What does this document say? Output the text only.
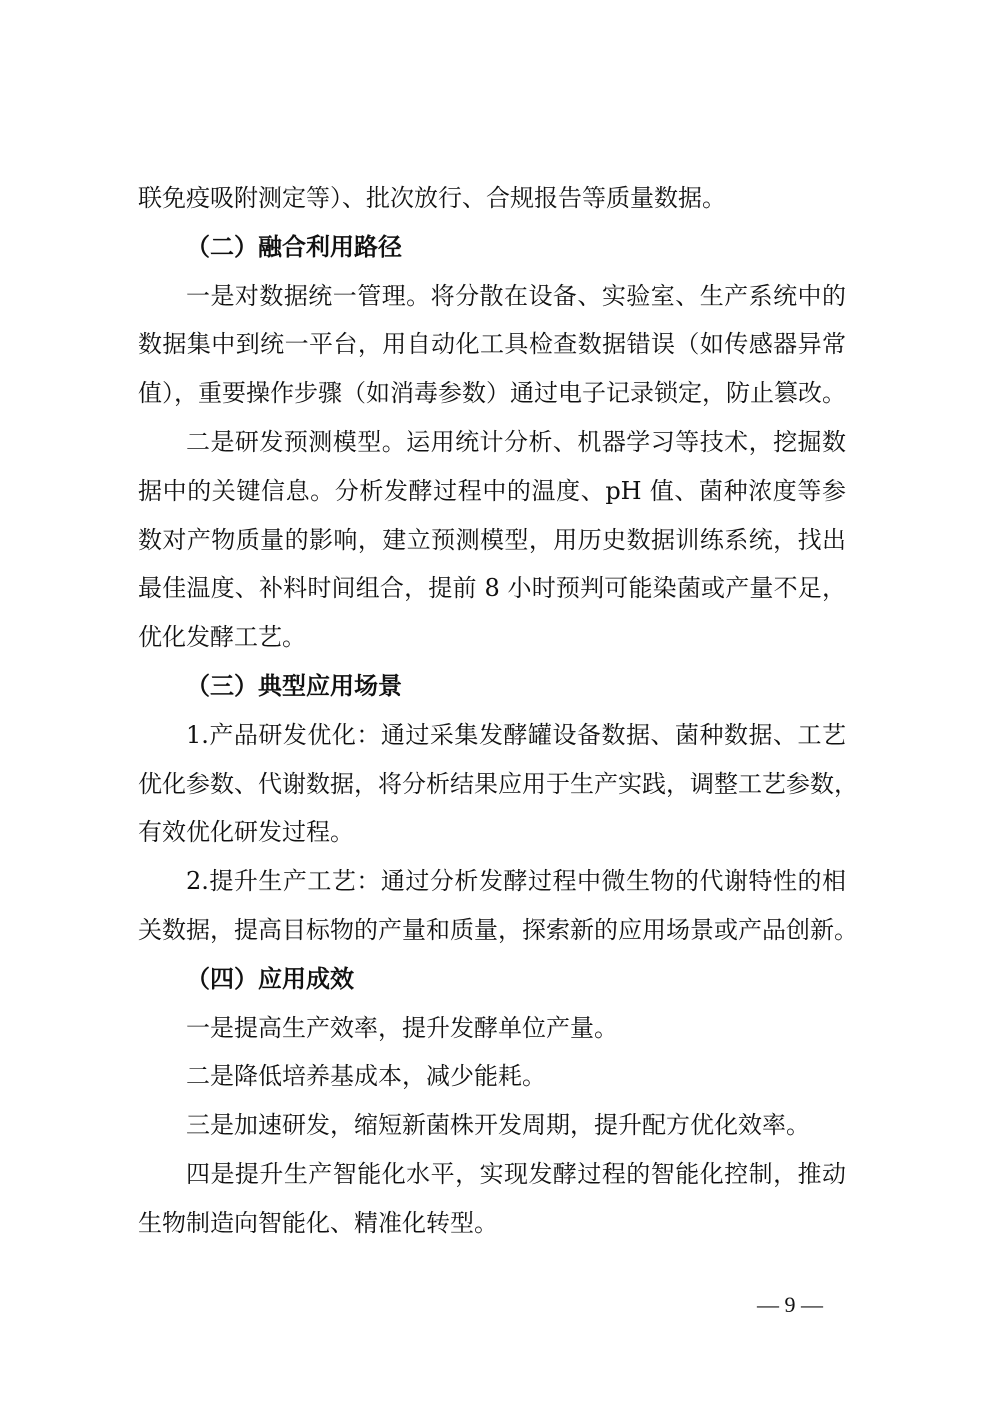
联免疫吸附测定等）、批次放行、合规报告等质量数据。
（二）融合利用路径
一是对数据统一管理。将分散在设备、实验室、生产系统中的
数据集中到统一平台，用自动化工具检查数据错误（如传感器异常
值），重要操作步骤（如消毒参数）通过电子记录锁定，防止篡改。
二是研发预测模型。运用统计分析、机器学习等技术，挖掘数
据中的关键信息。分析发酵过程中的温度、pH 值、菌种浓度等参
数对产物质量的影响，建立预测模型，用历史数据训练系统，找出
最佳温度、补料时间组合，提前 8 小时预判可能染菌或产量不足，
优化发酵工艺。
（三）典型应用场景
1.产品研发优化：通过采集发酵罐设备数据、菌种数据、工艺
优化参数、代谢数据，将分析结果应用于生产实践，调整工艺参数，
有效优化研发过程。
2.提升生产工艺：通过分析发酵过程中微生物的代谢特性的相
关数据，提高目标物的产量和质量，探索新的应用场景或产品创新。
（四）应用成效
一是提高生产效率，提升发酵单位产量。
二是降低培养基成本，减少能耗。
三是加速研发，缩短新菌株开发周期，提升配方优化效率。
四是提升生产智能化水平，实现发酵过程的智能化控制，推动
生物制造向智能化、精准化转型。
— 9 —
